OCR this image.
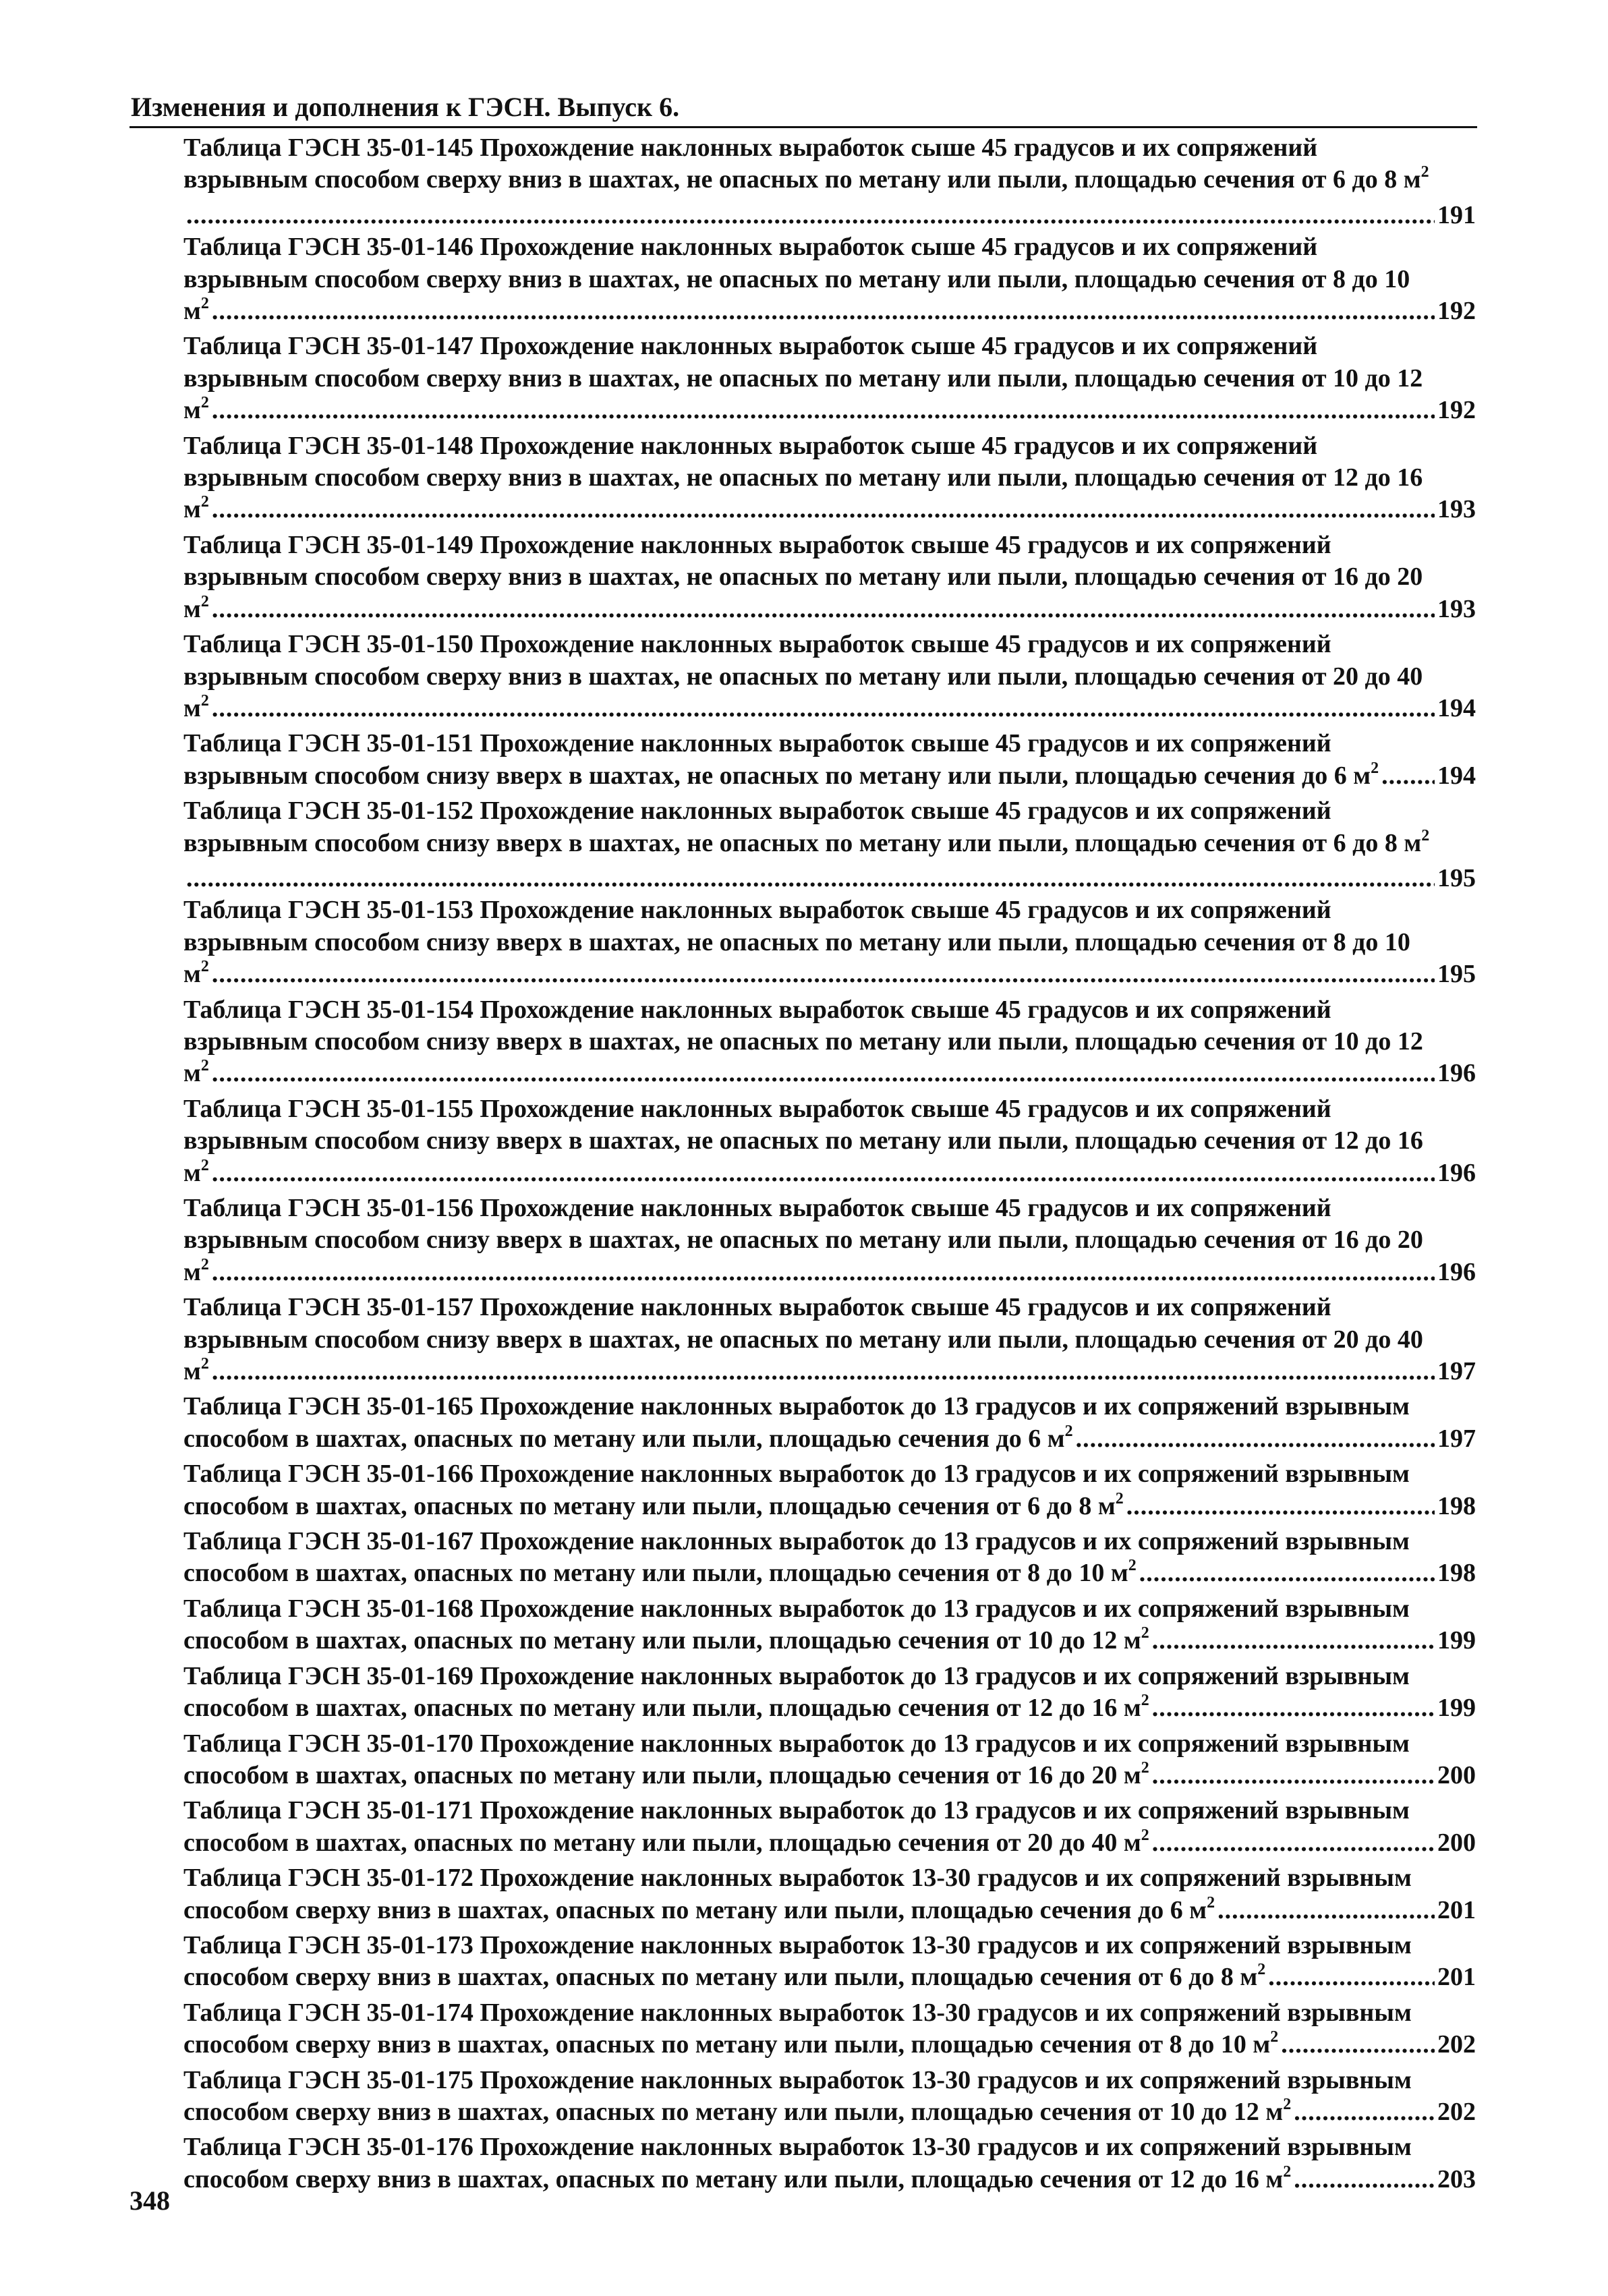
Изменения и дополнения к ГЭСН. Выпуск 6.
Таблица ГЭСН 35-01-145 Прохождение наклонных выработок сыше 45 градусов и их сопряжений
взрывным способом сверху вниз в шахтах, не опасных по метану или пыли, площадью сечения от 6 до 8 $м^2$
.....
191
Таблица ГЭСН 35-01-146 Прохождение наклонных выработок сыше 45 градусов и их сопряжений
взрывным способом сверху вниз в шахтах, не опасных по метану или пыли, площадью сечения от 8 до 10
$м^2$ .....	192
Таблица ГЭСН 35-01-147 Прохождение наклонных выработок сыше 45 градусов и их сопряжений
взрывным способом сверху вниз в шахтах, не опасных по метану или пыли, площадью сечения от 10 до 12
$м^2$ .....	192
Таблица ГЭСН 35-01-148 Прохождение наклонных выработок сыше 45 градусов и их сопряжений
взрывным способом сверху вниз в шахтах, не опасных по метану или пыли, площадью сечения от 12 до 16
$м^2$ .....	193
Таблица ГЭСН 35-01-149 Прохождение наклонных выработок свыше 45 градусов и их сопряжений
взрывным способом сверху вниз в шахтах, не опасных по метану или пыли, площадью сечения от 16 до 20
$м^2$ .....	193
Таблица ГЭСН 35-01-150 Прохождение наклонных выработок свыше 45 градусов и их сопряжений
взрывным способом сверху вниз в шахтах, не опасных по метану или пыли, площадью сечения от 20 до 40
$м^2$ .....	194
Таблица ГЭСН 35-01-151 Прохождение наклонных выработок свыше 45 градусов и их сопряжений
взрывным способом снизу вверх в шахтах, не опасных по метану или пыли, площадью сечения до 6 $м^2$ ..... 194
Таблица ГЭСН 35-01-152 Прохождение наклонных выработок свыше 45 градусов и их сопряжений
взрывным способом снизу вверх в шахтах, не опасных по метану или пыли, площадью сечения от 6 до 8 $м^2$
.....
195
Таблица ГЭСН 35-01-153 Прохождение наклонных выработок свыше 45 градусов и их сопряжений
взрывным способом снизу вверх в шахтах, не опасных по метану или пыли, площадью сечения от 8 до 10
$м^2$ .....	195
Таблица ГЭСН 35-01-154 Прохождение наклонных выработок свыше 45 градусов и их сопряжений
взрывным способом снизу вверх в шахтах, не опасных по метану или пыли, площадью сечения от 10 до 12
$м^2$ .....	196
Таблица ГЭСН 35-01-155 Прохождение наклонных выработок свыше 45 градусов и их сопряжений
взрывным способом снизу вверх в шахтах, не опасных по метану или пыли, площадью сечения от 12 до 16
$м^2$ .....	196
Таблица ГЭСН 35-01-156 Прохождение наклонных выработок свыше 45 градусов и их сопряжений
взрывным способом снизу вверх в шахтах, не опасных по метану или пыли, площадью сечения от 16 до 20
$м^2$ .....	196
Таблица ГЭСН 35-01-157 Прохождение наклонных выработок свыше 45 градусов и их сопряжений
взрывным способом снизу вверх в шахтах, не опасных по метану или пыли, площадью сечения от 20 до 40
$м^2$ .....	197
Таблица ГЭСН 35-01-165 Прохождение наклонных выработок до 13 градусов и их сопряжений взрывным
способом в шахтах, опасных по метану или пыли, площадью сечения до 6 $м^2$ .....	197
Таблица ГЭСН 35-01-166 Прохождение наклонных выработок до 13 градусов и их сопряжений взрывным
способом в шахтах, опасных по метану или пыли, площадью сечения от 6 до 8 $м^2$ .....	198
Таблица ГЭСН 35-01-167 Прохождение наклонных выработок до 13 градусов и их сопряжений взрывным
способом в шахтах, опасных по метану или пыли, площадью сечения от 8 до 10 $м^2$ .....	198
Таблица ГЭСН 35-01-168 Прохождение наклонных выработок до 13 градусов и их сопряжений взрывным
способом в шахтах, опасных по метану или пыли, площадью сечения от 10 до 12 $м^2$ .....	199
Таблица ГЭСН 35-01-169 Прохождение наклонных выработок до 13 градусов и их сопряжений взрывным
способом в шахтах, опасных по метану или пыли, площадью сечения от 12 до 16 $м^2$ .....	199
Таблица ГЭСН 35-01-170 Прохождение наклонных выработок до 13 градусов и их сопряжений взрывным
способом в шахтах, опасных по метану или пыли, площадью сечения от 16 до 20 $м^2$ .....	200
Таблица ГЭСН 35-01-171 Прохождение наклонных выработок до 13 градусов и их сопряжений взрывным
способом в шахтах, опасных по метану или пыли, площадью сечения от 20 до 40 $м^2$ .....	200
Таблица ГЭСН 35-01-172 Прохождение наклонных выработок 13-30 градусов и их сопряжений взрывным
способом сверху вниз в шахтах, опасных по метану или пыли, площадью сечения до 6 $м^2$ .....	201
Таблица ГЭСН 35-01-173 Прохождение наклонных выработок 13-30 градусов и их сопряжений взрывным
способом сверху вниз в шахтах, опасных по метану или пыли, площадью сечения от 6 до 8 $м^2$ .....	201
Таблица ГЭСН 35-01-174 Прохождение наклонных выработок 13-30 градусов и их сопряжений взрывным
способом сверху вниз в шахтах, опасных по метану или пыли, площадью сечения от 8 до 10 $м^2$ .....	202
Таблица ГЭСН 35-01-175 Прохождение наклонных выработок 13-30 градусов и их сопряжений взрывным
способом сверху вниз в шахтах, опасных по метану или пыли, площадью сечения от 10 до 12 $м^2$ .....	202
Таблица ГЭСН 35-01-176 Прохождение наклонных выработок 13-30 градусов и их сопряжений взрывным
способом сверху вниз в шахтах, опасных по метану или пыли, площадью сечения от 12 до 16 $м^2$ .....	203
348
